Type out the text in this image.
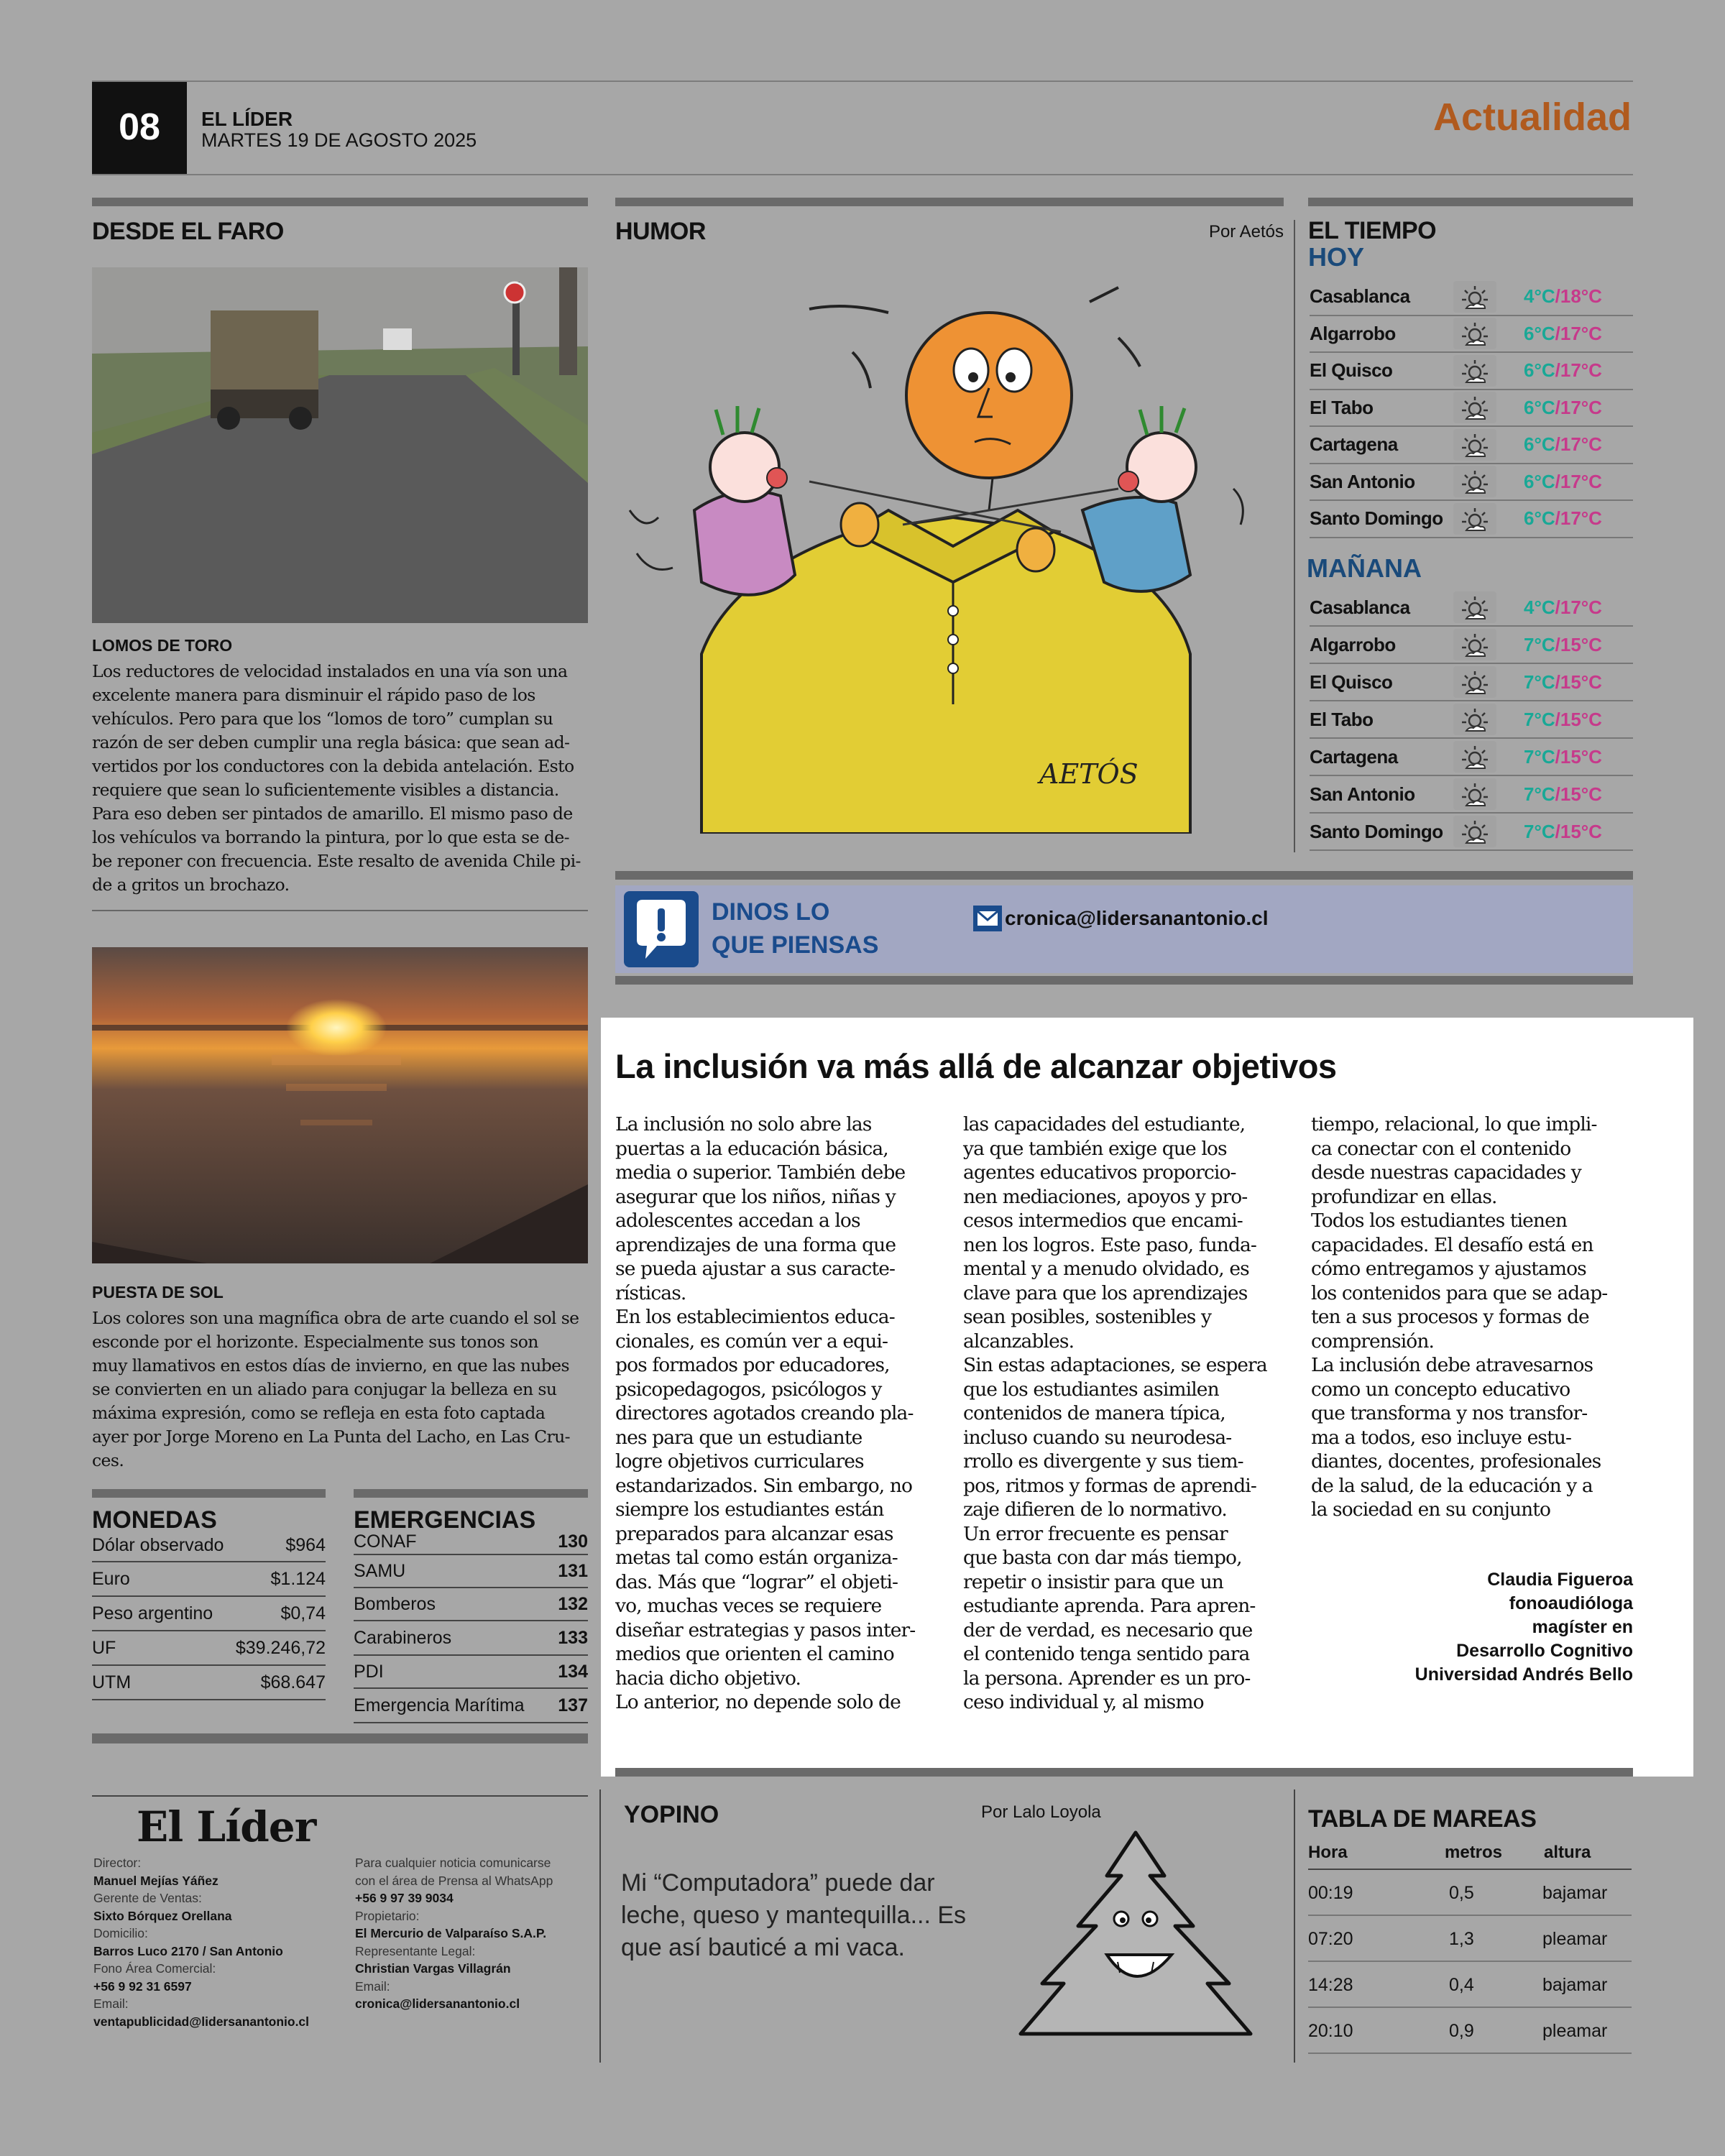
08	EL LÍDER
MARTES 19 DE AGOSTO 2025
Actualidad
DESDE EL FARO
LOMOS DE TORO
Los reductores de velocidad instalados en una vía son una
excelente manera para disminuir el rápido paso de los
vehículos. Pero para que los “lomos de toro” cumplan su
razón de ser deben cumplir una regla básica: que sean ad-
vertidos por los conductores con la debida antelación. Esto
requiere que sean lo suficientemente visibles a distancia.
Para eso deben ser pintados de amarillo. El mismo paso de
los vehículos va borrando la pintura, por lo que esta se de-
be reponer con frecuencia. Este resalto de avenida Chile pi-
de a gritos un brochazo.
PUESTA DE SOL
Los colores son una magnífica obra de arte cuando el sol se
esconde por el horizonte. Especialmente sus tonos son
muy llamativos en estos días de invierno, en que las nubes
se convierten en un aliado para conjugar la belleza en su
máxima expresión, como se refleja en esta foto captada
ayer por Jorge Moreno en La Punta del Lacho, en Las Cru-
ces.
MONEDAS
Dólar observado	$964
Euro	$1.124
Peso argentino	$0,74
UF	$39.246,72
UTM	$68.647
EMERGENCIAS
CONAF	130
SAMU	131
Bomberos	132
Carabineros	133
PDI	134
Emergencia Marítima 137
HUMOR	Por Aetós
AETÓS
EL TIEMPO
HOY
Casablanca	4°C/18°C
Algarrobo	6°C/17°C
El Quisco	6°C/17°C
El Tabo	6°C/17°C
Cartagena	6°C/17°C
San Antonio	6°C/17°C
Santo Domingo	6°C/17°C
MAÑANA
Casablanca	4°C/17°C
Algarrobo	7°C/15°C
El Quisco	7°C/15°C
El Tabo	7°C/15°C
Cartagena	7°C/15°C
San Antonio	7°C/15°C
Santo Domingo	7°C/15°C
DINOS LO
QUE PIENSAS
cronica@lidersanantonio.cl
La inclusión va más allá de alcanzar objetivos

La inclusión no solo abre las

puertas a la educación básica,

media o superior. También debe

asegurar que los niños, niñas y

adolescentes accedan a los

aprendizajes de una forma que

se pueda ajustar a sus caracte-

rísticas.

En los establecimientos educa-

cionales, es común ver a equi-

pos formados por educadores,

psicopedagogos, psicólogos y

directores agotados creando pla-

nes para que un estudiante

logre objetivos curriculares

estandarizados. Sin embargo, no

siempre los estudiantes están

preparados para alcanzar esas

metas tal como están organiza-

das. Más que “lograr” el objeti-

vo, muchas veces se requiere

diseñar estrategias y pasos inter-

medios que orienten el camino

hacia dicho objetivo.

Lo anterior, no depende solo de

las capacidades del estudiante,

ya que también exige que los

agentes educativos proporcio-

nen mediaciones, apoyos y pro-

cesos intermedios que encami-

nen los logros. Este paso, funda-

mental y a menudo olvidado, es

clave para que los aprendizajes

sean posibles, sostenibles y

alcanzables.

Sin estas adaptaciones, se espera

que los estudiantes asimilen

contenidos de manera típica,

incluso cuando su neurodesa-

rrollo es divergente y sus tiem-

pos, ritmos y formas de aprendi-

zaje difieren de lo normativo.

Un error frecuente es pensar

que basta con dar más tiempo,

repetir o insistir para que un

estudiante aprenda. Para apren-

der de verdad, es necesario que

el contenido tenga sentido para

la persona. Aprender es un pro-

ceso individual y, al mismo

tiempo, relacional, lo que impli-

ca conectar con el contenido

desde nuestras capacidades y

profundizar en ellas.

Todos los estudiantes tienen

capacidades. El desafío está en

cómo entregamos y ajustamos

los contenidos para que se adap-

ten a sus procesos y formas de

comprensión.

La inclusión debe atravesarnos

como un concepto educativo

que transforma y nos transfor-

ma a todos, eso incluye estu-

diantes, docentes, profesionales

de la salud, de la educación y a

la sociedad en su conjunto

Claudia Figueroa
fonoaudióloga
magíster en
Desarrollo Cognitivo
Universidad Andrés Bello
El Líder
Director:
Manuel Mejías Yáñez
Gerente de Ventas:
Sixto Bórquez Orellana
Domicilio:
Barros Luco 2170 / San Antonio
Fono Área Comercial:
+56 9 92 31 6597
Email:
ventapublicidad@lidersanantonio.cl
Para cualquier noticia comunicarse
con el área de Prensa al WhatsApp
+56 9 97 39 9034
Propietario:
El Mercurio de Valparaíso S.A.P.
Representante Legal:
Christian Vargas Villagrán
Email:
cronica@lidersanantonio.cl
YOPINO	Por Lalo Loyola
Mi “Computadora” puede dar
leche, queso y mantequilla... Es
que así bauticé a mi vaca.
TABLA DE MAREAS
Hora	metros altura
00:19	0,5	bajamar
07:20	1,3	pleamar
14:28	0,4	bajamar
20:10	0,9	pleamar
